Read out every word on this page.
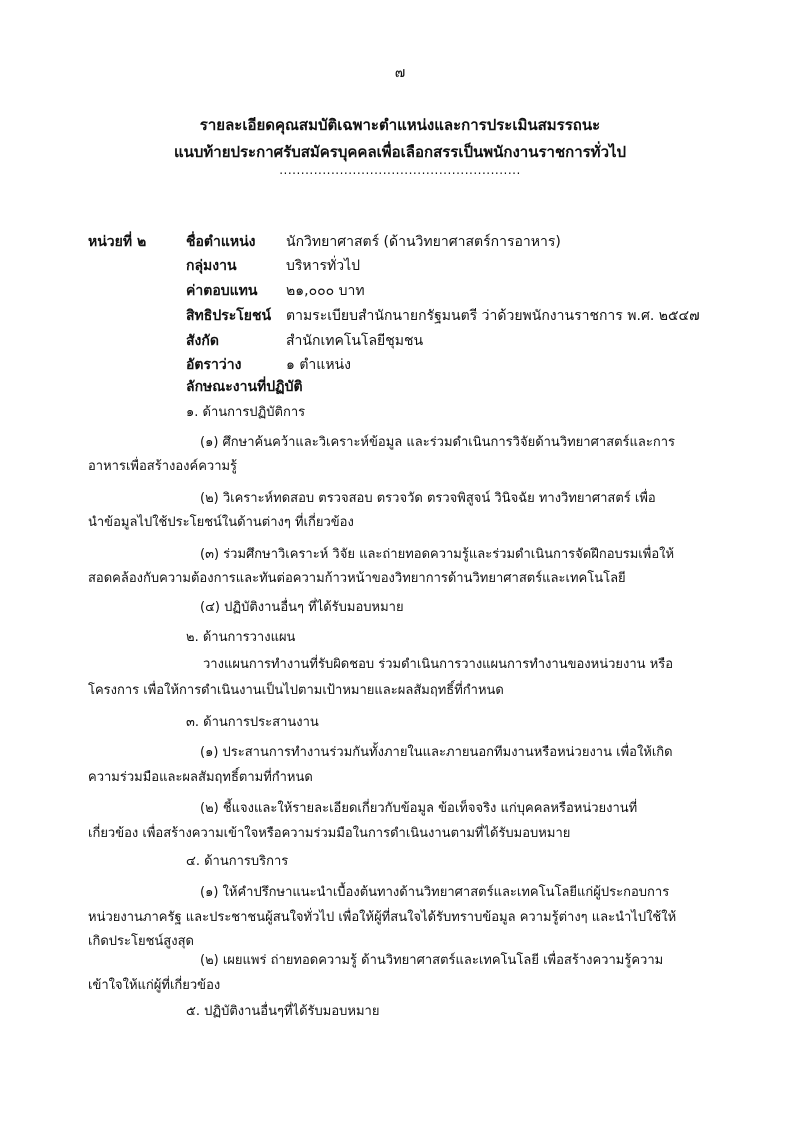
๗
รายละเอียดคุณสมบัติเฉพาะตำแหน่งและการประเมินสมรรถนะ
แนบท้ายประกาศรับสมัครบุคคลเพื่อเลือกสรรเป็นพนักงานราชการทั่วไป
........................................................
หน่วยที่ ๒	ชื่อตำแหน่ง นักวิทยาศาสตร์ (ด้านวิทยาศาสตร์การอาหาร)
กลุ่มงาน	บริหารทั่วไป
ค่าตอบแทน ๒๑,๐๐๐ บาท
สิทธิประโยชน์ ตามระเบียบสำนักนายกรัฐมนตรี ว่าด้วยพนักงานราชการ พ.ศ. ๒๕๔๗
สังกัด	สำนักเทคโนโลยีชุมชน
อัตราว่าง	๑ ตำแหน่ง
ลักษณะงานที่ปฏิบัติ
๑. ด้านการปฏิบัติการ
(๑) ศึกษาค้นคว้าและวิเคราะห์ข้อมูล และร่วมดำเนินการวิจัยด้านวิทยาศาสตร์และการ
อาหารเพื่อสร้างองค์ความรู้
(๒) วิเคราะห์ทดสอบ ตรวจสอบ ตรวจวัด ตรวจพิสูจน์ วินิจฉัย ทางวิทยาศาสตร์ เพื่อ
นำข้อมูลไปใช้ประโยชน์ในด้านต่างๆ ที่เกี่ยวข้อง
(๓) ร่วมศึกษาวิเคราะห์ วิจัย และถ่ายทอดความรู้และร่วมดำเนินการจัดฝึกอบรมเพื่อให้
สอดคล้องกับความต้องการและทันต่อความก้าวหน้าของวิทยาการด้านวิทยาศาสตร์และเทคโนโลยี
(๔) ปฏิบัติงานอื่นๆ ที่ได้รับมอบหมาย
๒. ด้านการวางแผน
วางแผนการทำงานที่รับผิดชอบ ร่วมดำเนินการวางแผนการทำงานของหน่วยงาน หรือ
โครงการ เพื่อให้การดำเนินงานเป็นไปตามเป้าหมายและผลสัมฤทธิ์ที่กำหนด
๓. ด้านการประสานงาน
(๑) ประสานการทำงานร่วมกันทั้งภายในและภายนอกทีมงานหรือหน่วยงาน เพื่อให้เกิด
ความร่วมมือและผลสัมฤทธิ์ตามที่กำหนด
(๒) ชี้แจงและให้รายละเอียดเกี่ยวกับข้อมูล ข้อเท็จจริง แก่บุคคลหรือหน่วยงานที่
เกี่ยวข้อง เพื่อสร้างความเข้าใจหรือความร่วมมือในการดำเนินงานตามที่ได้รับมอบหมาย
๔. ด้านการบริการ
(๑) ให้คำปรึกษาแนะนำเบื้องต้นทางด้านวิทยาศาสตร์และเทคโนโลยีแก่ผู้ประกอบการ
หน่วยงานภาครัฐ และประชาชนผู้สนใจทั่วไป เพื่อให้ผู้ที่สนใจได้รับทราบข้อมูล ความรู้ต่างๆ และนำไปใช้ให้
เกิดประโยชน์สูงสุด
(๒) เผยแพร่ ถ่ายทอดความรู้ ด้านวิทยาศาสตร์และเทคโนโลยี เพื่อสร้างความรู้ความ
เข้าใจให้แก่ผู้ที่เกี่ยวข้อง
๕. ปฏิบัติงานอื่นๆที่ได้รับมอบหมาย
